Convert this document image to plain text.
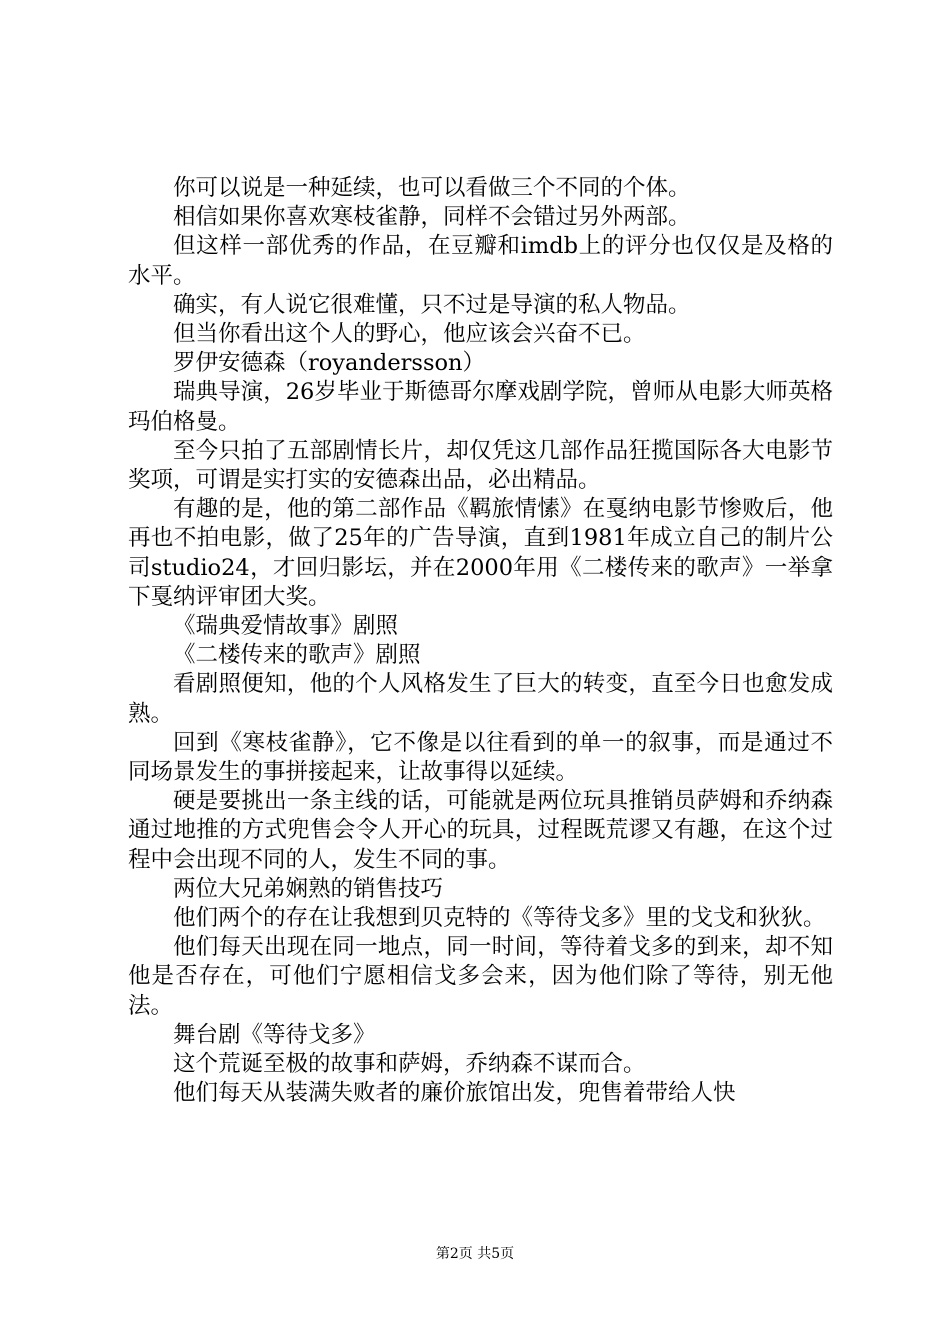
你可以说是一种延续，也可以看做三个不同的个体。

相信如果你喜欢寒枝雀静，同样不会错过另外两部。

但这样一部优秀的作品，在豆瓣和imdb上的评分也仅仅是及格的水平。

确实，有人说它很难懂，只不过是导演的私人物品。

但当你看出这个人的野心，他应该会兴奋不已。

罗伊安德森（royandersson）

瑞典导演，26岁毕业于斯德哥尔摩戏剧学院，曾师从电影大师英格玛伯格曼。

至今只拍了五部剧情长片，却仅凭这几部作品狂揽国际各大电影节奖项，可谓是实打实的安德森出品，必出精品。

有趣的是，他的第二部作品《羁旅情愫》在戛纳电影节惨败后，他再也不拍电影，做了25年的广告导演，直到1981年成立自己的制片公司studio24，才回归影坛，并在2000年用《二楼传来的歌声》一举拿下戛纳评审团大奖。

《瑞典爱情故事》剧照

《二楼传来的歌声》剧照

看剧照便知，他的个人风格发生了巨大的转变，直至今日也愈发成熟。

回到《寒枝雀静》，它不像是以往看到的单一的叙事，而是通过不同场景发生的事拼接起来，让故事得以延续。

硬是要挑出一条主线的话，可能就是两位玩具推销员萨姆和乔纳森通过地推的方式兜售会令人开心的玩具，过程既荒谬又有趣，在这个过程中会出现不同的人，发生不同的事。

两位大兄弟娴熟的销售技巧

他们两个的存在让我想到贝克特的《等待戈多》里的戈戈和狄狄。

他们每天出现在同一地点，同一时间，等待着戈多的到来，却不知他是否存在，可他们宁愿相信戈多会来，因为他们除了等待，别无他法。

舞台剧《等待戈多》

这个荒诞至极的故事和萨姆，乔纳森不谋而合。

他们每天从装满失败者的廉价旅馆出发，兜售着带给人快

第2页 共5页
